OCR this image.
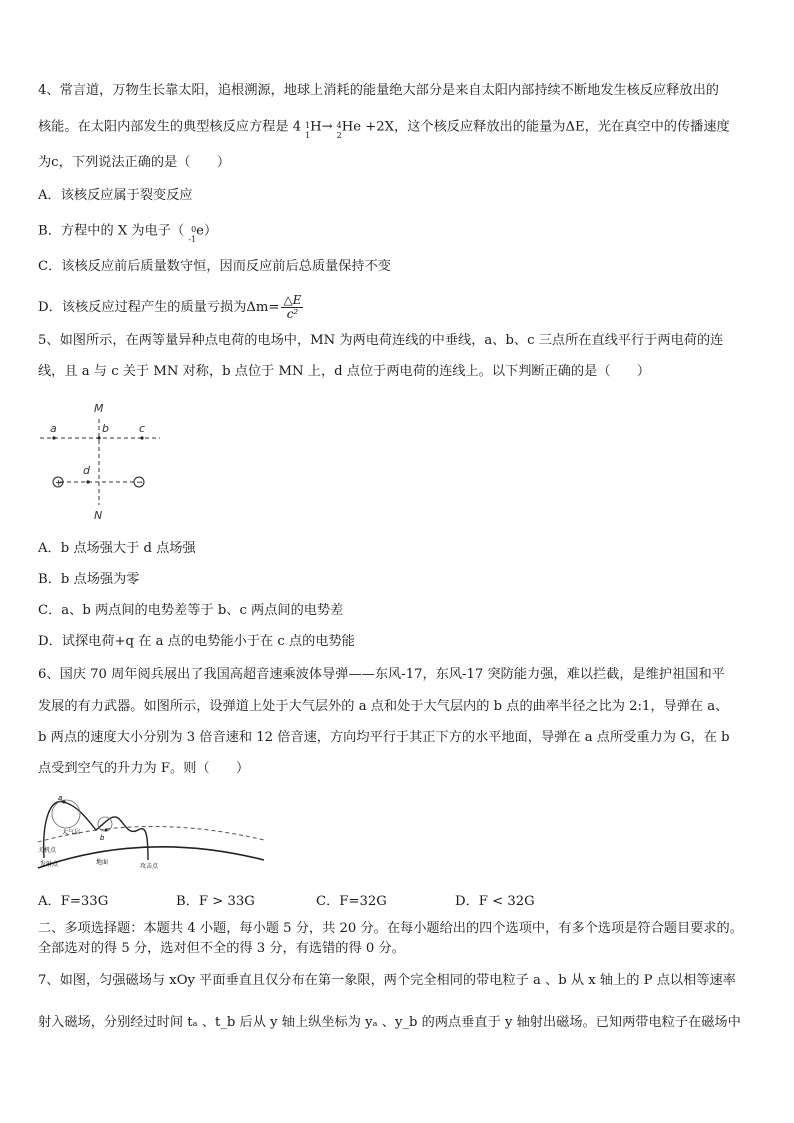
4、常言道，万物生长靠太阳，追根溯源，地球上消耗的能量绝大部分是来自太阳内部持续不断地发生核反应释放出的
核能。在太阳内部发生的典型核反应方程是 4 1
1
H→ 4
2
He +2X，这个核反应释放出的能量为ΔE，光在真空中的传播速度
为c，下列说法正确的是（　　）
A．该核反应属于裂变反应
B．方程中的 X 为电子（ 0
-1
e）
C．该核反应前后质量数守恒，因而反应前后总质量保持不变
D．该核反应过程产生的质量亏损为$\Delta m= \frac{\triangle E}{\text{c²}}$
5、如图所示，在两等量异种点电荷的电场中，MN 为两电荷连线的中垂线，a、b、c 三点所在直线平行于两电荷的连
线，且 a 与 c 关于 MN 对称，b 点位于 MN 上，d 点位于两电荷的连线上。以下判断正确的是（　　）
+	−
M
N
a	b	c
d
A．b 点场强大于 d 点场强
B．b 点场强为零
C．a、b 两点间的电势差等于 b、c 两点间的电势差
D．试探电荷+q 在 a 点的电势能小于在 c 点的电势能
6、国庆 70 周年阅兵展出了我国高超音速乘波体导弹——东风-17，东风-17 突防能力强，难以拦截，是维护祖国和平
发展的有力武器。如图所示，设弹道上处于大气层外的 a 点和处于大气层内的 b 点的曲率半径之比为 2:1，导弹在 a、
b 两点的速度大小分别为 3 倍音速和 12 倍音速，方向均平行于其正下方的水平地面，导弹在 a 点所受重力为 G，在 b
点受到空气的升力为 F。则（　　）
a
b
大气层
关机点
发射点	地面
攻击点
A．F=33G	B．F > 33G	C．F=32G	D．F < 32G
二、多项选择题：本题共 4 小题，每小题 5 分，共 20 分。在每小题给出的四个选项中，有多个选项是符合题目要求的。
全部选对的得 5 分，选对但不全的得 3 分，有选错的得 0 分。
7、如图，匀强磁场与 xOy 平面垂直且仅分布在第一象限，两个完全相同的带电粒子 a 、b 从 x 轴上的 P 点以相等速率
射入磁场，分别经过时间 tₐ 、t_b 后从 y 轴上纵坐标为 yₐ 、y_b 的两点垂直于 y 轴射出磁场。已知两带电粒子在磁场中
